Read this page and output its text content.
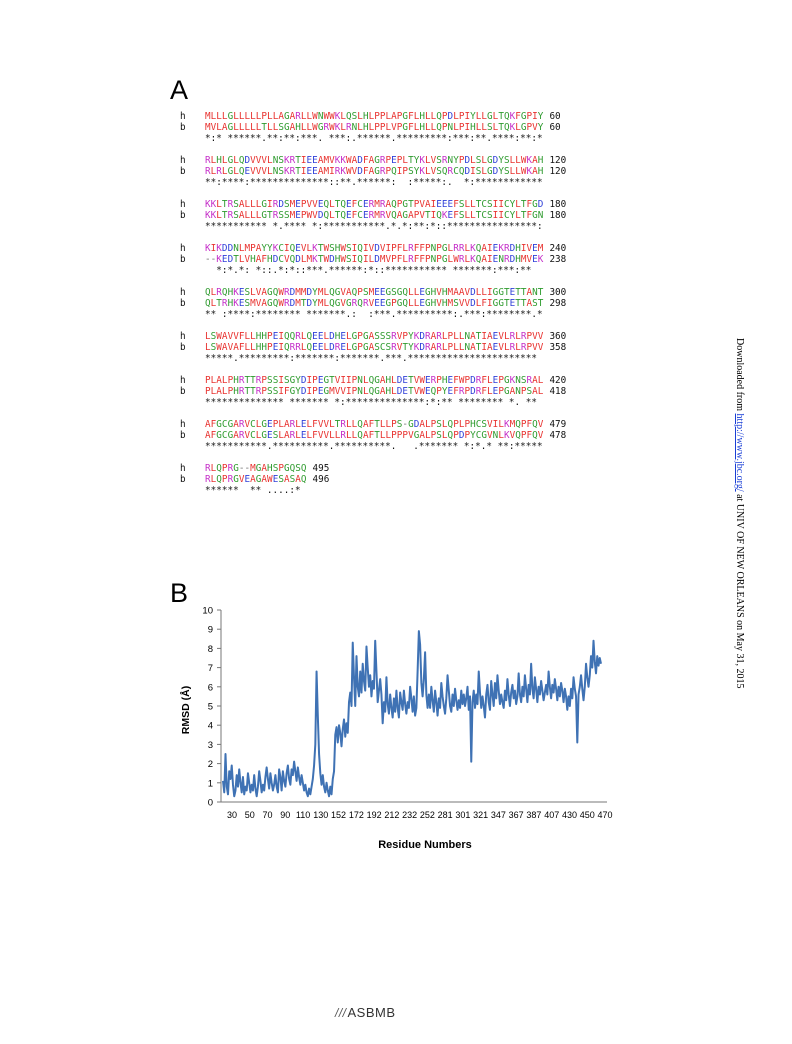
A
h	MLLLGLLLLLPLLAGARLLWNWWKLQSLHLPPLAPGFLHLLQPDLPIYLLGLTQKFGPIY 60
b	MVLAGLLLLLTLLSGAHLLWGRWKLRNLHLPPLVPGFLHLLQPNLPIHLLSLTQKLGPVY 60
*:* ******.**:**:***. ***:.******.*********:***:**.****:**:*
h	RLHLGLQDVVVLNSKRTIEEAMVKKWADFAGRPEPLTYKLVSRNYPDLSLGDYSLLWKAH 120
b	RLRLGLQEVVVLNSKRTIEEAMIRKWVDFAGRPQIPSYKLVSQRCQDISLGDYSLLWKAH 120
**:****:**************::**.******:  :*****:.  *:************
h	KKLTRSALLLGIRDSMEPVVEQLTQEFCERMRAQPGTPVAIEEEFSLLTCSIICYLTFGD 180
b	KKLTRSALLLGTRSSMEPWVDQLTQEFCERMRVQAGAPVTIQKEFSLLTCSIICYLTFGN 180
*********** *.**** *:***********.*.*:**:*::****************:
h	KIKDDNLMPAYYKCIQEVLKTWSHWSIQIVDVIPFLRFFPNPGLRRLKQAIEKRDHIVEM 240
b	--KEDTLVHAFHDCVQDLMKTWDHWSIQILDMVPFLRFFPNPGLWRLKQAIENRDHMVEK 238
*:*.*: *::.*:*::***.******:*::*********** *******:***:**
h	QLRQHKESLVAGQWRDMMDYMLQGVAQPSMEEGSGQLLEGHVHMAAVDLLIGGTETTANT 300
b	QLTRHKESMVAGQWRDMTDYMLQGVGRQRVEEGPGQLLEGHVHMSVVDLFIGGTETTAST 298
** :****:******** *******.:  :***.**********:.***:********.*
h	LSWAVVFLLHHPEIQQRLQEELDHELGPGASSSRVPYKDRARLPLLNATIAEVLRLRPVV 360
b	LSWAVAFLLHHPEIQRRLQEELDRELGPGASCSRVTYKDRARLPLLNATIAEVLRLRPVV 358
*****.*********:*******:*******.***.***********************
h	PLALPHRTTRPSSISGYDIPEGTVIIPNLQGAHLDETVWERPHEFWPDRFLEPGKNSRAL 420
b	PLALPHRTTRPSSIFGYDIPEGMVVIPNLQGAHLDETVWEQPYEFRPDRFLEPGANPSAL 418
************** ******* *:**************:*:** ******** *. **
h	AFGCGARVCLGEPLARLELFVVLTRLLQAFTLLPS-GDALPSLQPLPHCSVILKMQPFQV 479
b	AFGCGARVCLGESLARLELFVVLLRLLQAFTLLPPPVGALPSLQPDPYCGVNLKVQPFQV 478
***********.**********.**********.   .******* *:*.* **:*****
h	RLQPRG--MGAHSPGQSQ 495
b	RLQPRGVEAGAWESASAQ 496
******  ** ....:*
B
0
1
2
3
4
5
6
7
8
9
10
30 50 70 90 110 130 152 172 192 212 232 252 281 301 321 347 367 387 407 430 450 470
RMSD (Å)
Residue Numbers
Downloaded from http://www.jbc.org/ at UNIV OF NEW ORLEANS on May 31, 2015
///ASBMB
